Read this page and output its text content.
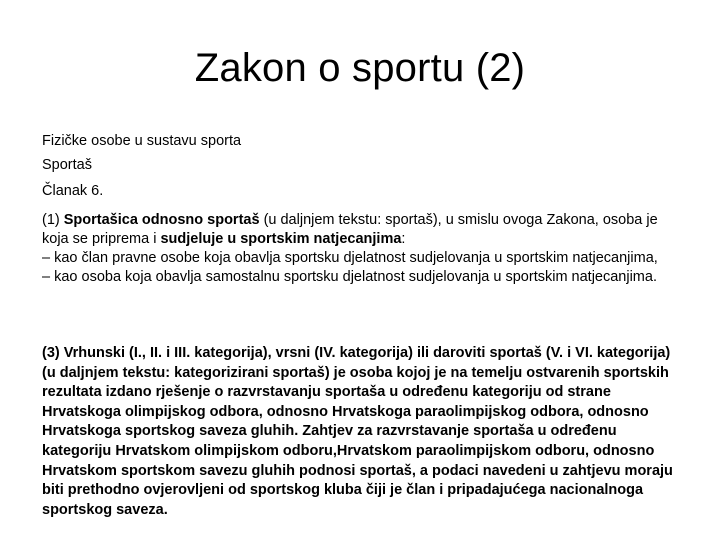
Zakon o sportu (2)
Fizičke osobe u sustavu sporta
Sportaš
Članak 6.
(1) Sportašica odnosno sportaš (u daljnjem tekstu: sportaš), u smislu ovoga Zakona, osoba je koja se priprema i sudjeluje u sportskim natjecanjima:
– kao član pravne osobe koja obavlja sportsku djelatnost sudjelovanja u sportskim natjecanjima,
– kao osoba koja obavlja samostalnu sportsku djelatnost sudjelovanja u sportskim natjecanjima.
(3) Vrhunski (I., II. i III. kategorija), vrsni (IV. kategorija) ili daroviti sportaš (V. i VI. kategorija) (u daljnjem tekstu: kategorizirani sportaš) je osoba kojoj je na temelju ostvarenih sportskih rezultata izdano rješenje o razvrstavanju sportaša u određenu kategoriju od strane Hrvatskoga olimpijskog odbora, odnosno Hrvatskoga paraolimpijskog odbora, odnosno Hrvatskoga sportskog saveza gluhih. Zahtjev za razvrstavanje sportaša u određenu kategoriju Hrvatskom olimpijskom odboru,Hrvatskom paraolimpijskom odboru, odnosno Hrvatskom sportskom savezu gluhih podnosi sportaš, a podaci navedeni u zahtjevu moraju biti prethodno ovjerovljeni od sportskog kluba čiji je član i pripadajućega nacionalnoga sportskog saveza.
